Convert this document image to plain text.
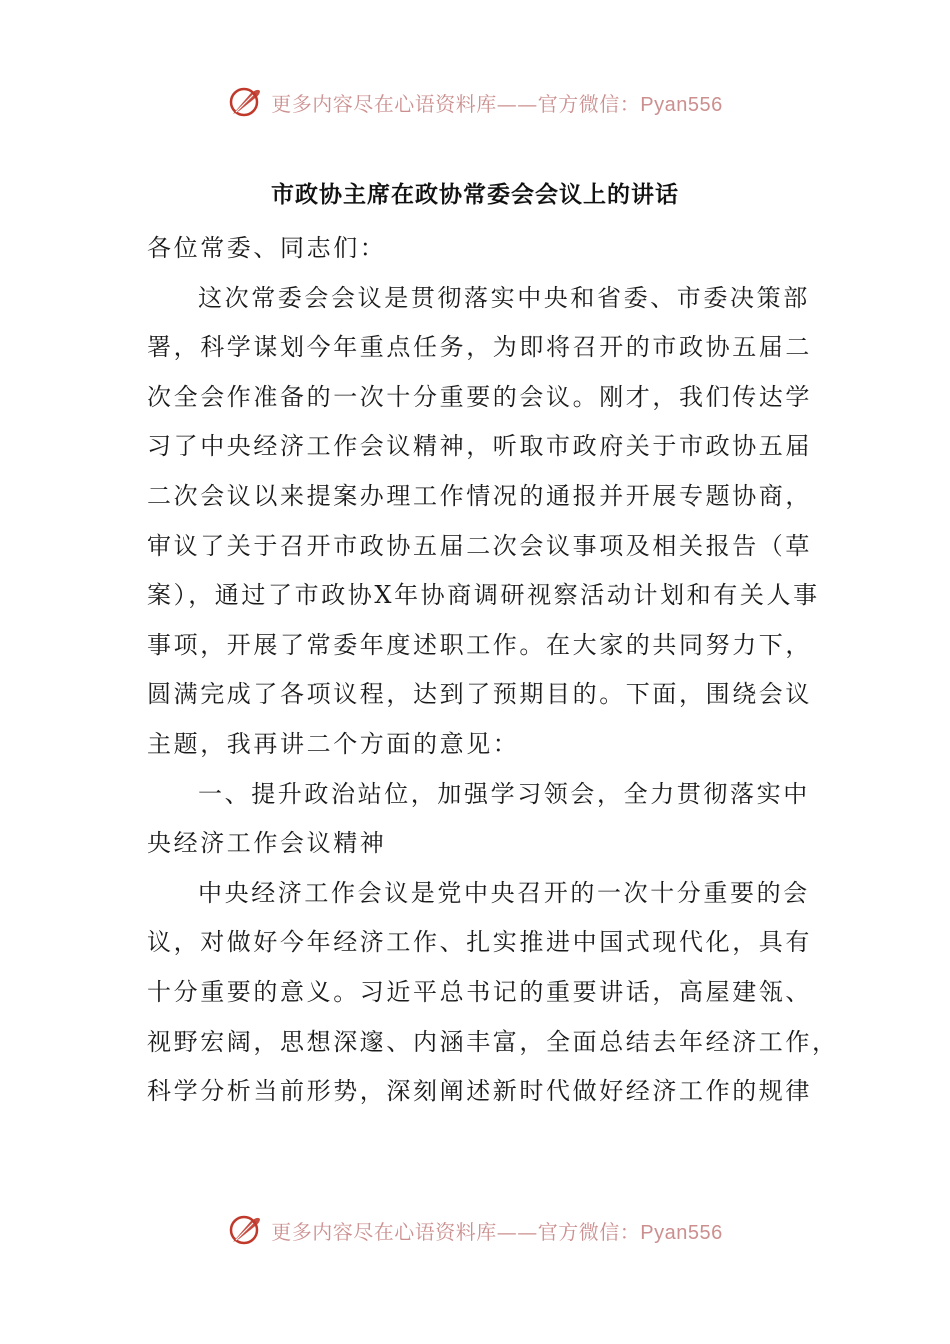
更多内容尽在心语资料库——官方微信：Pyan556
市政协主席在政协常委会会议上的讲话
各位常委、同志们：
这次常委会会议是贯彻落实中央和省委、市委决策部
署，科学谋划今年重点任务，为即将召开的市政协五届二
次全会作准备的一次十分重要的会议。刚才，我们传达学
习了中央经济工作会议精神，听取市政府关于市政协五届
二次会议以来提案办理工作情况的通报并开展专题协商，
审议了关于召开市政协五届二次会议事项及相关报告（草
案），通过了市政协X年协商调研视察活动计划和有关人事
事项，开展了常委年度述职工作。在大家的共同努力下，
圆满完成了各项议程，达到了预期目的。下面，围绕会议
主题，我再讲二个方面的意见：
一、提升政治站位，加强学习领会，全力贯彻落实中
央经济工作会议精神
中央经济工作会议是党中央召开的一次十分重要的会
议，对做好今年经济工作、扎实推进中国式现代化，具有
十分重要的意义。习近平总书记的重要讲话，高屋建瓴、
视野宏阔，思想深邃、内涵丰富，全面总结去年经济工作，
科学分析当前形势，深刻阐述新时代做好经济工作的规律
更多内容尽在心语资料库——官方微信：Pyan556
